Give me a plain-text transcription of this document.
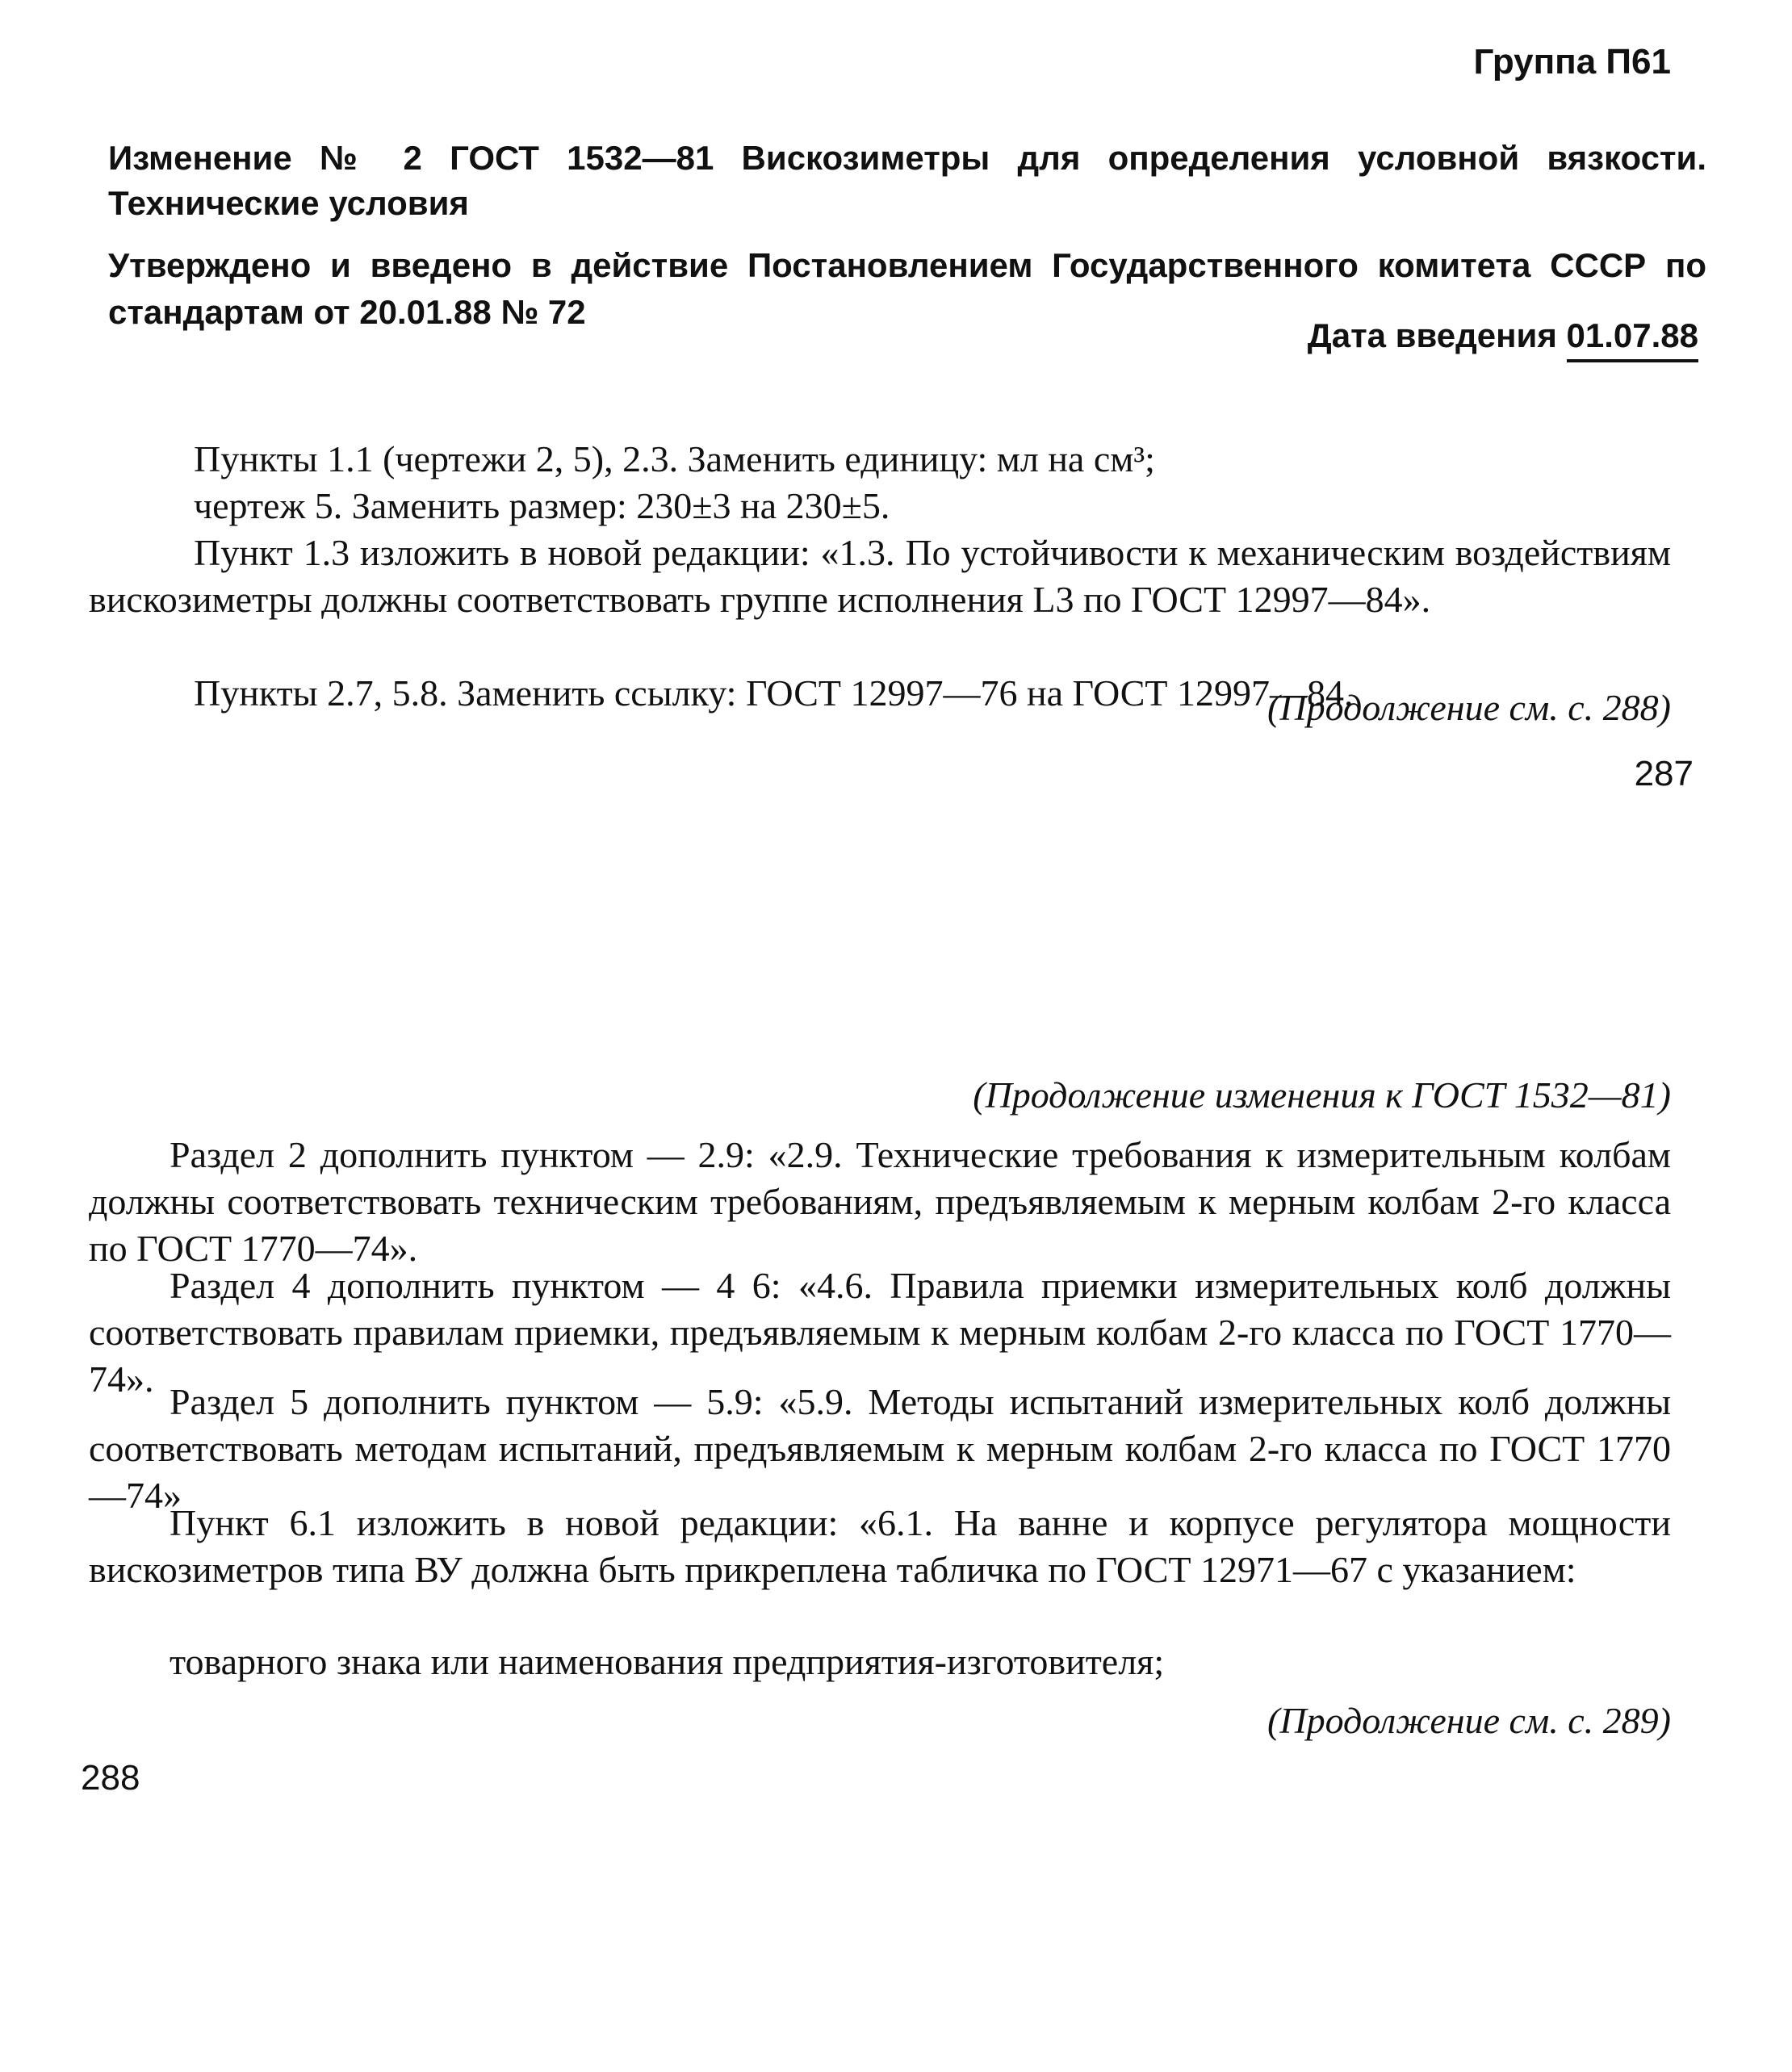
Группа П61
Изменение № 2 ГОСТ 1532—81 Вискозиметры для определения условной вязкости. Технические условия
Утверждено и введено в действие Постановлением Государственного комитета СССР по стандартам от 20.01.88 № 72
Дата введения 01.07.88
Пункты 1.1 (чертежи 2, 5), 2.3. Заменить единицу: мл на см³;
чертеж 5. Заменить размер: 230±3 на 230±5.
Пункт 1.3 изложить в новой редакции: «1.3. По устойчивости к механическим воздействиям вискозиметры должны соответствовать группе исполнения L3 по ГОСТ 12997—84».
Пункты 2.7, 5.8. Заменить ссылку: ГОСТ 12997—76 на ГОСТ 12997—84.
(Продолжение см. с. 288)
287
(Продолжение изменения к ГОСТ 1532—81)
Раздел 2 дополнить пунктом — 2.9: «2.9. Технические требования к измерительным колбам должны соответствовать техническим требованиям, предъявляемым к мерным колбам 2-го класса по ГОСТ 1770—74».
Раздел 4 дополнить пунктом — 4 6: «4.6. Правила приемки измерительных колб должны соответствовать правилам приемки, предъявляемым к мерным колбам 2-го класса по ГОСТ 1770—74».
Раздел 5 дополнить пунктом — 5.9: «5.9. Методы испытаний измерительных колб должны соответствовать методам испытаний, предъявляемым к мерным колбам 2-го класса по ГОСТ 1770—74»
Пункт 6.1 изложить в новой редакции: «6.1. На ванне и корпусе регулятора мощности вискозиметров типа ВУ должна быть прикреплена табличка по ГОСТ 12971—67 с указанием:
товарного знака или наименования предприятия-изготовителя;
(Продолжение см. с. 289)
288
